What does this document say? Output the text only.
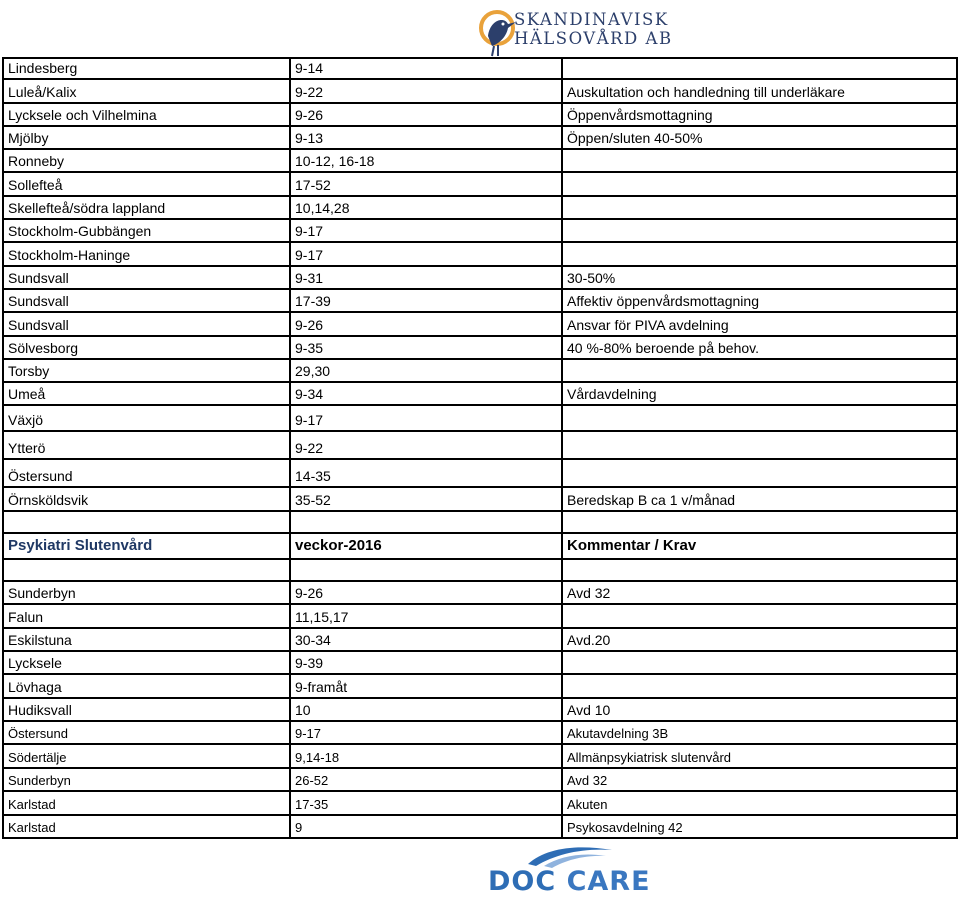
SKANDINAVISK
HÄLSOVÅRD AB
Lindesberg	9-14
Luleå/Kalix	9-22	Auskultation och handledning till underläkare
Lycksele och Vilhelmina	9-26	Öppenvårdsmottagning
Mjölby	9-13	Öppen/sluten 40-50%
Ronneby	10-12, 16-18
Sollefteå	17-52
Skellefteå/södra lappland	10,14,28
Stockholm-Gubbängen	9-17
Stockholm-Haninge	9-17
Sundsvall	9-31	30-50%
Sundsvall	17-39	Affektiv öppenvårdsmottagning
Sundsvall	9-26	Ansvar för PIVA avdelning
Sölvesborg	9-35	40 %-80% beroende på behov.
Torsby	29,30
Umeå	9-34	Vårdavdelning
Växjö	9-17
Ytterö	9-22
Östersund	14-35
Örnsköldsvik	35-52	Beredskap B ca 1 v/månad
Psykiatri Slutenvård	veckor-2016	Kommentar / Krav
Sunderbyn	9-26	Avd 32
Falun	11,15,17
Eskilstuna	30-34	Avd.20
Lycksele	9-39
Lövhaga	9-framåt
Hudiksvall	10	Avd 10
Östersund	9-17	Akutavdelning 3B
Södertälje	9,14-18	Allmänpsykiatrisk slutenvård
Sunderbyn	26-52	Avd 32
Karlstad	17-35	Akuten
Karlstad	9	Psykosavdelning 42
DOC CARE
